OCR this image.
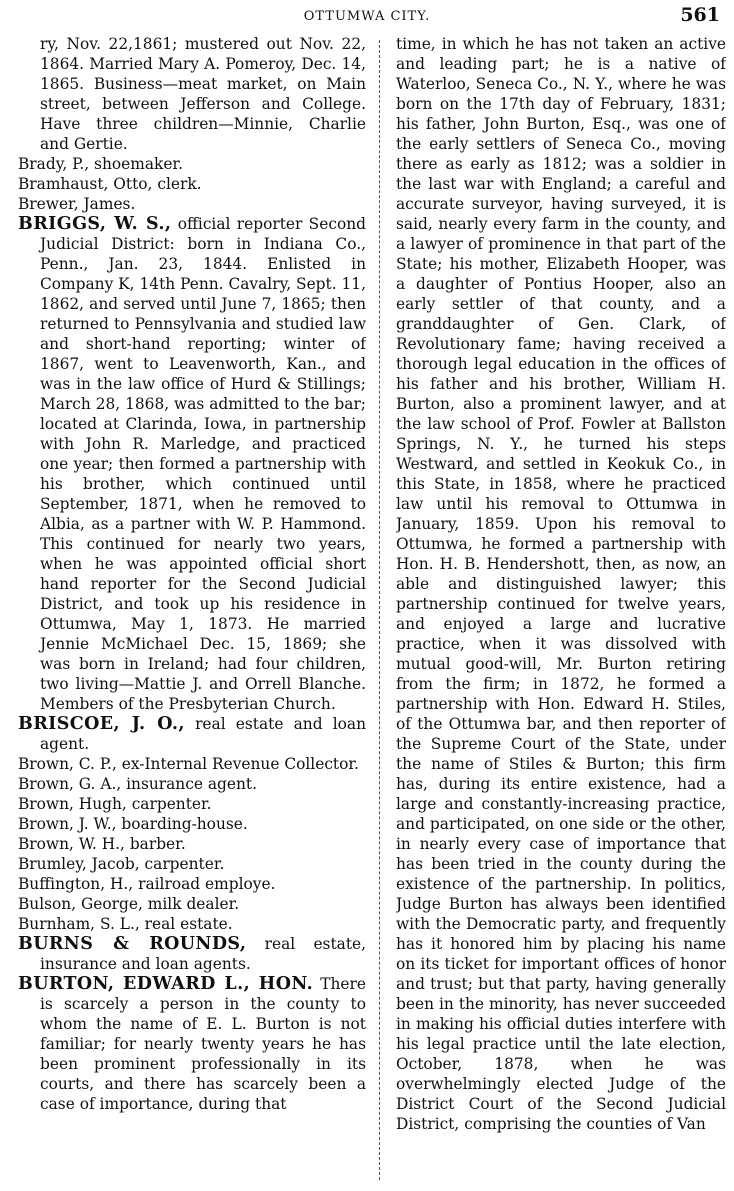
OTTUMWA CITY.	561

ry, Nov. 22,1861; mustered out Nov. 22, 1864. Married Mary A. Pomeroy, Dec. 14, 1865. Business—meat market, on Main street, between Jefferson and College. Have three children—Minnie, Charlie and Gertie.

Brady, P., shoemaker.

Bramhaust, Otto, clerk.

Brewer, James.

BRIGGS, W. S., official reporter Second Judicial District: born in Indiana Co., Penn., Jan. 23, 1844. Enlisted in Company K, 14th Penn. Cavalry, Sept. 11, 1862, and served until June 7, 1865; then returned to Pennsylvania and studied law and short-hand reporting; winter of 1867, went to Leavenworth, Kan., and was in the law office of Hurd & Stillings; March 28, 1868, was admitted to the bar; located at Clarinda, Iowa, in partnership with John R. Marledge, and practiced one year; then formed a partnership with his brother, which continued until September, 1871, when he removed to Albia, as a partner with W. P. Hammond. This continued for nearly two years, when he was appointed official short hand reporter for the Second Judicial District, and took up his residence in Ottumwa, May 1, 1873. He married Jennie McMichael Dec. 15, 1869; she was born in Ireland; had four children, two living—Mattie J. and Orrell Blanche. Members of the Presbyterian Church.

BRISCOE, J. O., real estate and loan agent.

Brown, C. P., ex-Internal Revenue Collector.

Brown, G. A., insurance agent.

Brown, Hugh, carpenter.

Brown, J. W., boarding-house.

Brown, W. H., barber.

Brumley, Jacob, carpenter.

Buffington, H., railroad employe.

Bulson, George, milk dealer.

Burnham, S. L., real estate.

BURNS & ROUNDS, real estate, insurance and loan agents.

BURTON, EDWARD L., HON. There is scarcely a person in the county to whom the name of E. L. Burton is not familiar; for nearly twenty years he has been prominent professionally in its courts, and there has scarcely been a case of importance, during that

time, in which he has not taken an active and leading part; he is a native of Waterloo, Seneca Co., N. Y., where he was born on the 17th day of February, 1831; his father, John Burton, Esq., was one of the early settlers of Seneca Co., moving there as early as 1812; was a soldier in the last war with England; a careful and accurate surveyor, having surveyed, it is said, nearly every farm in the county, and a lawyer of prominence in that part of the State; his mother, Elizabeth Hooper, was a daughter of Pontius Hooper, also an early settler of that county, and a granddaughter of Gen. Clark, of Revolutionary fame; having received a thorough legal education in the offices of his father and his brother, William H. Burton, also a prominent lawyer, and at the law school of Prof. Fowler at Ballston Springs, N. Y., he turned his steps Westward, and settled in Keokuk Co., in this State, in 1858, where he practiced law until his removal to Ottumwa in January, 1859. Upon his removal to Ottumwa, he formed a partnership with Hon. H. B. Hendershott, then, as now, an able and distinguished lawyer; this partnership continued for twelve years, and enjoyed a large and lucrative practice, when it was dissolved with mutual good-will, Mr. Burton retiring from the firm; in 1872, he formed a partnership with Hon. Edward H. Stiles, of the Ottumwa bar, and then reporter of the Supreme Court of the State, under the name of Stiles & Burton; this firm has, during its entire existence, had a large and constantly-increasing practice, and participated, on one side or the other, in nearly every case of importance that has been tried in the county during the existence of the partnership. In politics, Judge Burton has always been identified with the Democratic party, and frequently has it honored him by placing his name on its ticket for important offices of honor and trust; but that party, having generally been in the minority, has never succeeded in making his official duties interfere with his legal practice until the late election, October, 1878, when he was overwhelmingly elected Judge of the District Court of the Second Judicial District, comprising the counties of Van
